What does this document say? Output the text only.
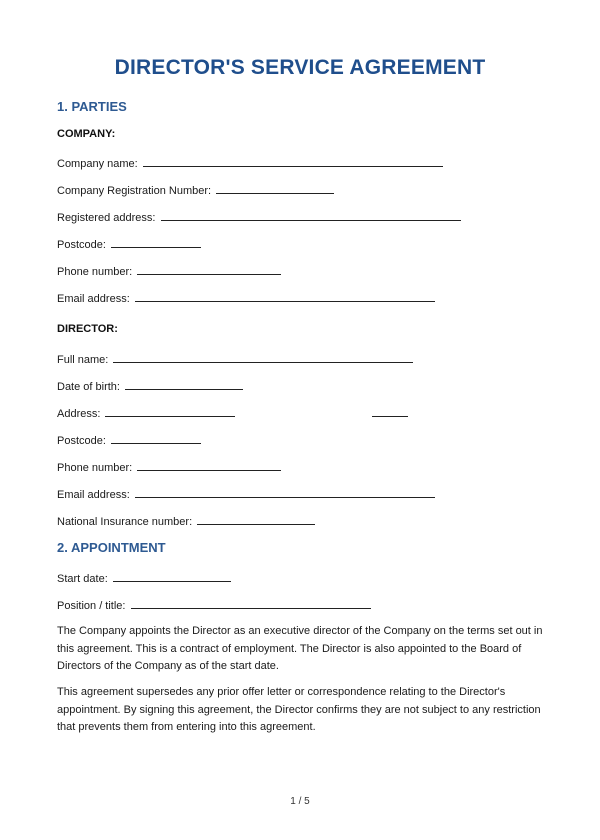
DIRECTOR'S SERVICE AGREEMENT
1. PARTIES
COMPANY:
Company name:
Company Registration Number:
Registered address:
Postcode:
Phone number:
Email address:
DIRECTOR:
Full name:
Date of birth:
Address:
Postcode:
Phone number:
Email address:
National Insurance number:
2. APPOINTMENT
Start date:
Position / title:
The Company appoints the Director as an executive director of the Company on the terms set out in this agreement. This is a contract of employment. The Director is also appointed to the Board of Directors of the Company as of the start date.
This agreement supersedes any prior offer letter or correspondence relating to the Director's appointment. By signing this agreement, the Director confirms they are not subject to any restriction that prevents them from entering into this agreement.
1 / 5
